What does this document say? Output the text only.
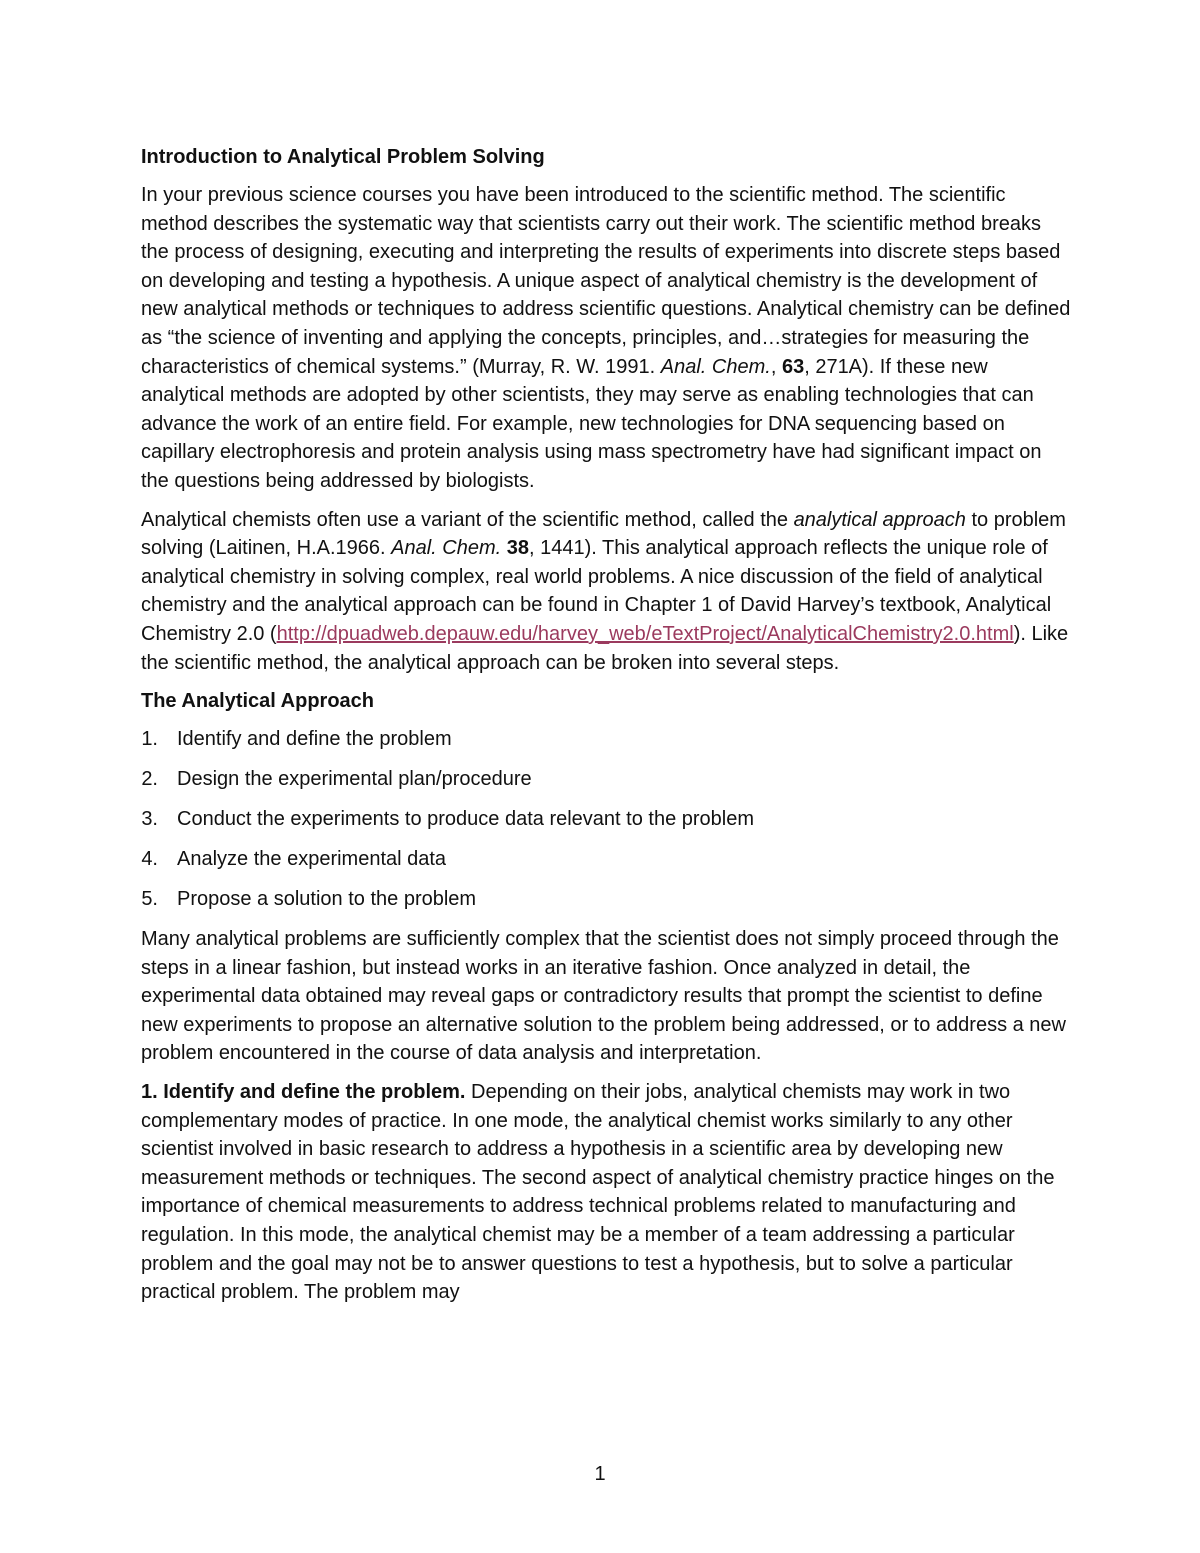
Introduction to Analytical Problem Solving

In your previous science courses you have been introduced to the scientific method. The scientific method describes the systematic way that scientists carry out their work. The scientific method breaks the process of designing, executing and interpreting the results of experiments into discrete steps based on developing and testing a hypothesis. A unique aspect of analytical chemistry is the development of new analytical methods or techniques to address scientific questions. Analytical chemistry can be defined as “the science of inventing and applying the concepts, principles, and…strategies for measuring the characteristics of chemical systems.” (Murray, R. W. 1991. Anal. Chem., 63, 271A). If these new analytical methods are adopted by other scientists, they may serve as enabling technologies that can advance the work of an entire field. For example, new technologies for DNA sequencing based on capillary electrophoresis and protein analysis using mass spectrometry have had significant impact on the questions being addressed by biologists.

Analytical chemists often use a variant of the scientific method, called the analytical approach to problem solving (Laitinen, H.A.1966. Anal. Chem. 38, 1441). This analytical approach reflects the unique role of analytical chemistry in solving complex, real world problems. A nice discussion of the field of analytical chemistry and the analytical approach can be found in Chapter 1 of David Harvey’s textbook, Analytical Chemistry 2.0 (http://dpuadweb.depauw.edu/harvey_web/eTextProject/AnalyticalChemistry2.0.html). Like the scientific method, the analytical approach can be broken into several steps.

The Analytical Approach
1. Identify and define the problem
2. Design the experimental plan/procedure
3. Conduct the experiments to produce data relevant to the problem
4. Analyze the experimental data
5. Propose a solution to the problem

Many analytical problems are sufficiently complex that the scientist does not simply proceed through the steps in a linear fashion, but instead works in an iterative fashion. Once analyzed in detail, the experimental data obtained may reveal gaps or contradictory results that prompt the scientist to define new experiments to propose an alternative solution to the problem being addressed, or to address a new problem encountered in the course of data analysis and interpretation.

1. Identify and define the problem. Depending on their jobs, analytical chemists may work in two complementary modes of practice. In one mode, the analytical chemist works similarly to any other scientist involved in basic research to address a hypothesis in a scientific area by developing new measurement methods or techniques. The second aspect of analytical chemistry practice hinges on the importance of chemical measurements to address technical problems related to manufacturing and regulation. In this mode, the analytical chemist may be a member of a team addressing a particular problem and the goal may not be to answer questions to test a hypothesis, but to solve a particular practical problem. The problem may

1
